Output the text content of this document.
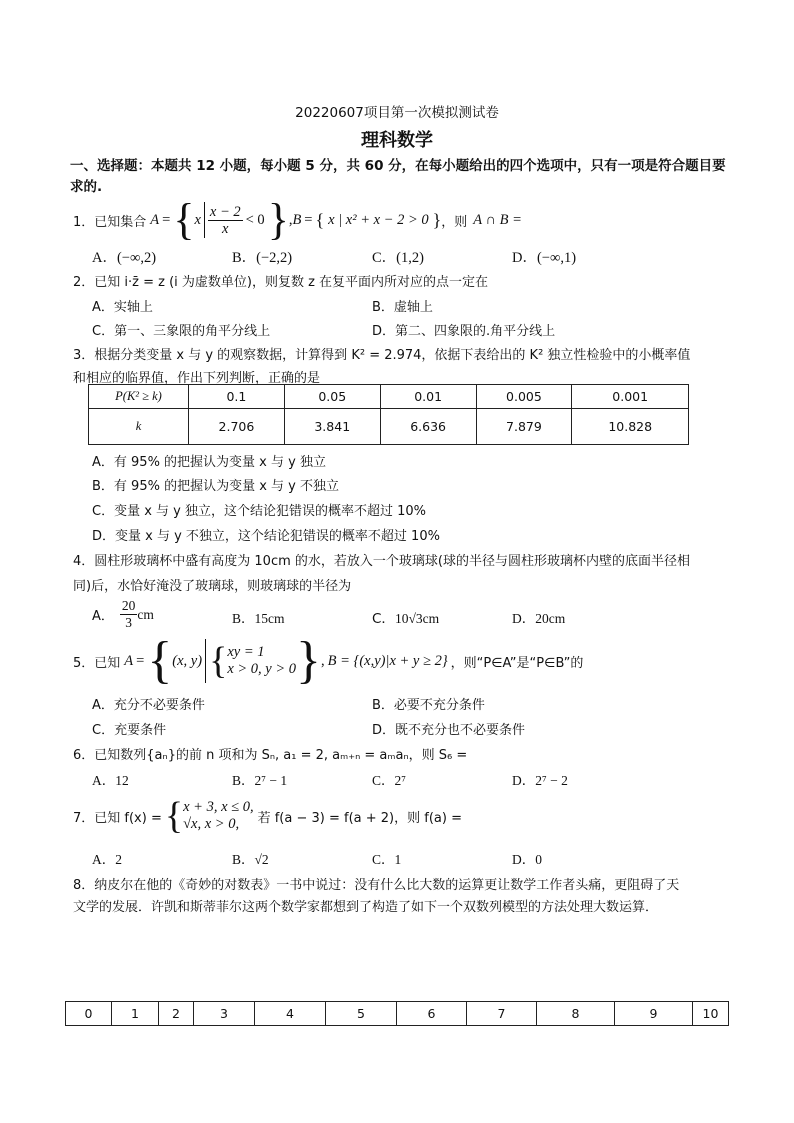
20220607项目第一次模拟测试卷
理科数学
一、选择题：本题共 12 小题，每小题 5 分，共 60 分，在每小题给出的四个选项中，只有一项是符合题目要求的.
1．已知集合 A = { x $\frac{x - 2}{x} < 0$ } , B = { x | x² + x − 2 > 0 } ，则 A ∩ B =
A．(−∞,2)	B．(−2,2)	C．(1,2)	D．(−∞,1)
2．已知 i·z̄ = z (i 为虚数单位)，则复数 z 在复平面内所对应的点一定在
A．实轴上	B．虚轴上
C．第一、三象限的角平分线上	D．第二、四象限的.角平分线上
3．根据分类变量 x 与 y 的观察数据，计算得到 K² = 2.974，依据下表给出的 K² 独立性检验中的小概率值
和相应的临界值，作出下列判断，正确的是
P(K² ≥ k)	0.1	0.05	0.01	0.005	0.001
k	2.706	3.841	6.636	7.879	10.828
A．有 95% 的把握认为变量 x 与 y 独立
B．有 95% 的把握认为变量 x 与 y 不独立
C．变量 x 与 y 独立，这个结论犯错误的概率不超过 10%
D．变量 x 与 y 不独立，这个结论犯错误的概率不超过 10%
4．圆柱形玻璃杯中盛有高度为 10cm 的水，若放入一个玻璃球(球的半径与圆柱形玻璃杯内壁的底面半径相
同)后，水恰好淹没了玻璃球，则玻璃球的半径为
A． $\frac{20}{3}$ cm	B．15cm	C．10√3cm	D．20cm
5．已知 A = { (x, y) { xy = 1
x > 0, y > 0 } , B = {(x,y)|x + y ≥ 2} ，则“P∈A”是“P∈B”的
A．充分不必要条件	B．必要不充分条件
C．充要条件	D．既不充分也不必要条件
6．已知数列{aₙ}的前 n 项和为 Sₙ, a₁ = 2, aₘ₊ₙ = aₘaₙ，则 S₆ =
A．12	B．2⁷ − 1	C．2⁷	D．2⁷ − 2
7．已知 f(x) = { x + 3, x ≤ 0,
√x, x > 0,	若 f(a − 3) = f(a + 2)，则 f(a) =
A．2	B．√2	C．1	D．0
8．纳皮尔在他的《奇妙的对数表》一书中说过：没有什么比大数的运算更让数学工作者头痛，更阻碍了天
文学的发展．许凯和斯蒂菲尔这两个数学家都想到了构造了如下一个双数列模型的方法处理大数运算．
0	1	2	3	4	5	6	7	8	9	10
